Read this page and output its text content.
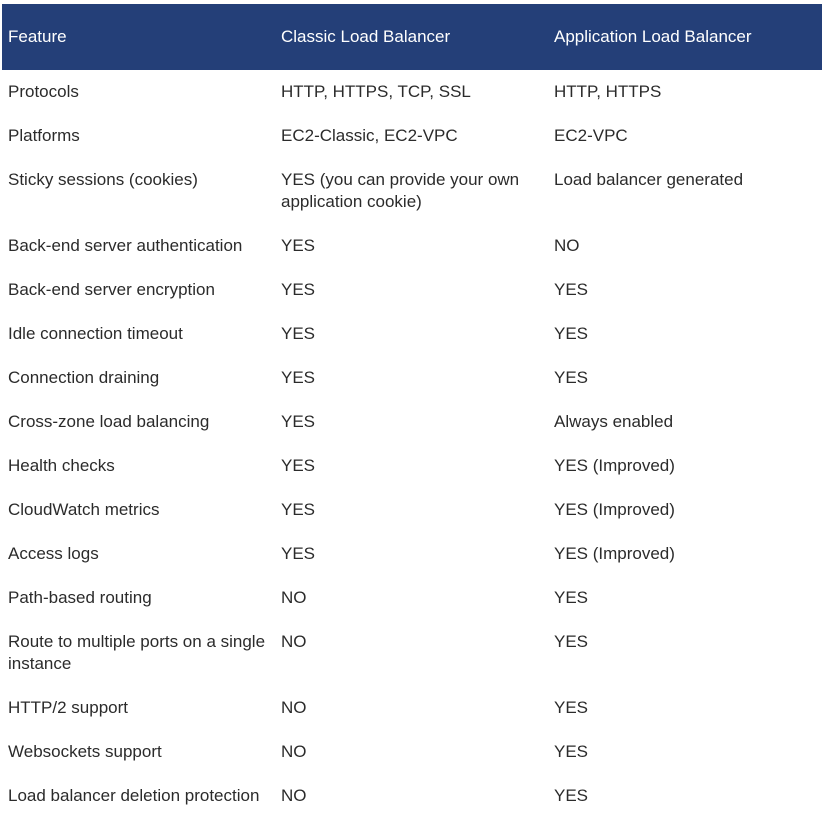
Feature	Classic Load Balancer	Application Load Balancer
Protocols	HTTP, HTTPS, TCP, SSL	HTTP, HTTPS
Platforms	EC2-Classic, EC2-VPC	EC2-VPC
Sticky sessions (cookies)	YES (you can provide your own application cookie)	Load balancer generated
Back-end server authentication	YES	NO
Back-end server encryption	YES	YES
Idle connection timeout	YES	YES
Connection draining	YES	YES
Cross-zone load balancing	YES	Always enabled
Health checks	YES	YES (Improved)
CloudWatch metrics	YES	YES (Improved)
Access logs	YES	YES (Improved)
Path-based routing	NO	YES
Route to multiple ports on a single instance	NO	YES
HTTP/2 support	NO	YES
Websockets support	NO	YES
Load balancer deletion protection	NO	YES
